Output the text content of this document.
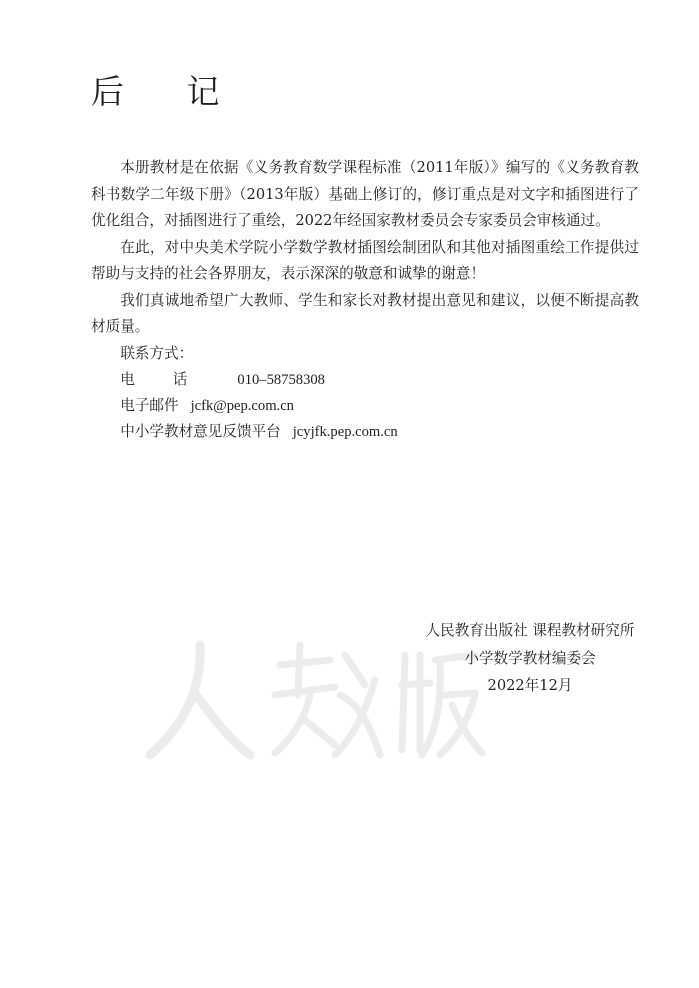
后 记

本册教材是在依据《义务教育数学课程标准（2011年版）》编写的《义务教育教科书数学二年级下册》（2013年版）基础上修订的，修订重点是对文字和插图进行了优化组合，对插图进行了重绘，2022年经国家教材委员会专家委员会审核通过。

在此，对中央美术学院小学数学教材插图绘制团队和其他对插图重绘工作提供过帮助与支持的社会各界朋友，表示深深的敬意和诚挚的谢意！

我们真诚地希望广大教师、学生和家长对教材提出意见和建议，以便不断提高教材质量。

联系方式：

电话 010–58758308

电子邮件 jcfk@pep.com.cn

中小学教材意见反馈平台 jcyjfk.pep.com.cn

人民教育出版社 课程教材研究所
小学数学教材编委会
2022年12月
